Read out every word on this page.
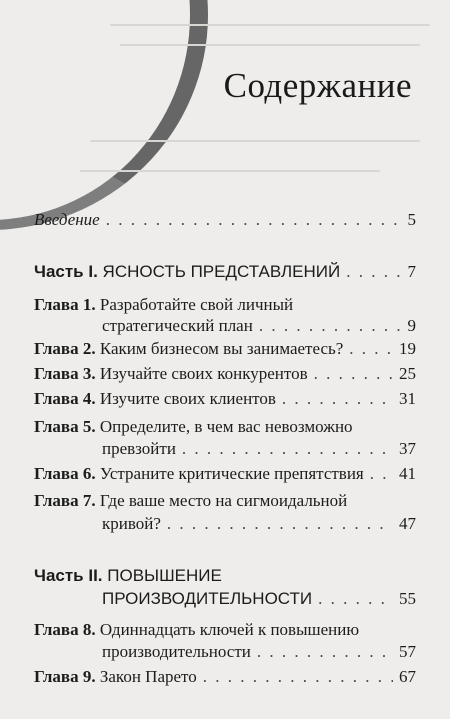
Содержание
Введение . . .	5
Часть I. ЯСНОСТЬ ПРЕДСТАВЛЕНИЙ . . .	7
Глава 1. Разработайте свой личный
стратегический план . . .	9
Глава 2. Каким бизнесом вы занимаетесь? . . .	19
Глава 3. Изучайте своих конкурентов . . .	25
Глава 4. Изучите своих клиентов . . .	31
Глава 5. Определите, в чем вас невозможно
превзойти . . .	37
Глава 6. Устраните критические препятствия . . . 41
Глава 7. Где ваше место на сигмоидальной
кривой? . . .	47
Часть II. ПОВЫШЕНИЕ
ПРОИЗВОДИТЕЛЬНОСТИ . . .	55
Глава 8. Одиннадцать ключей к повышению
производительности . . .	57
Глава 9. Закон Парето . . .	67
